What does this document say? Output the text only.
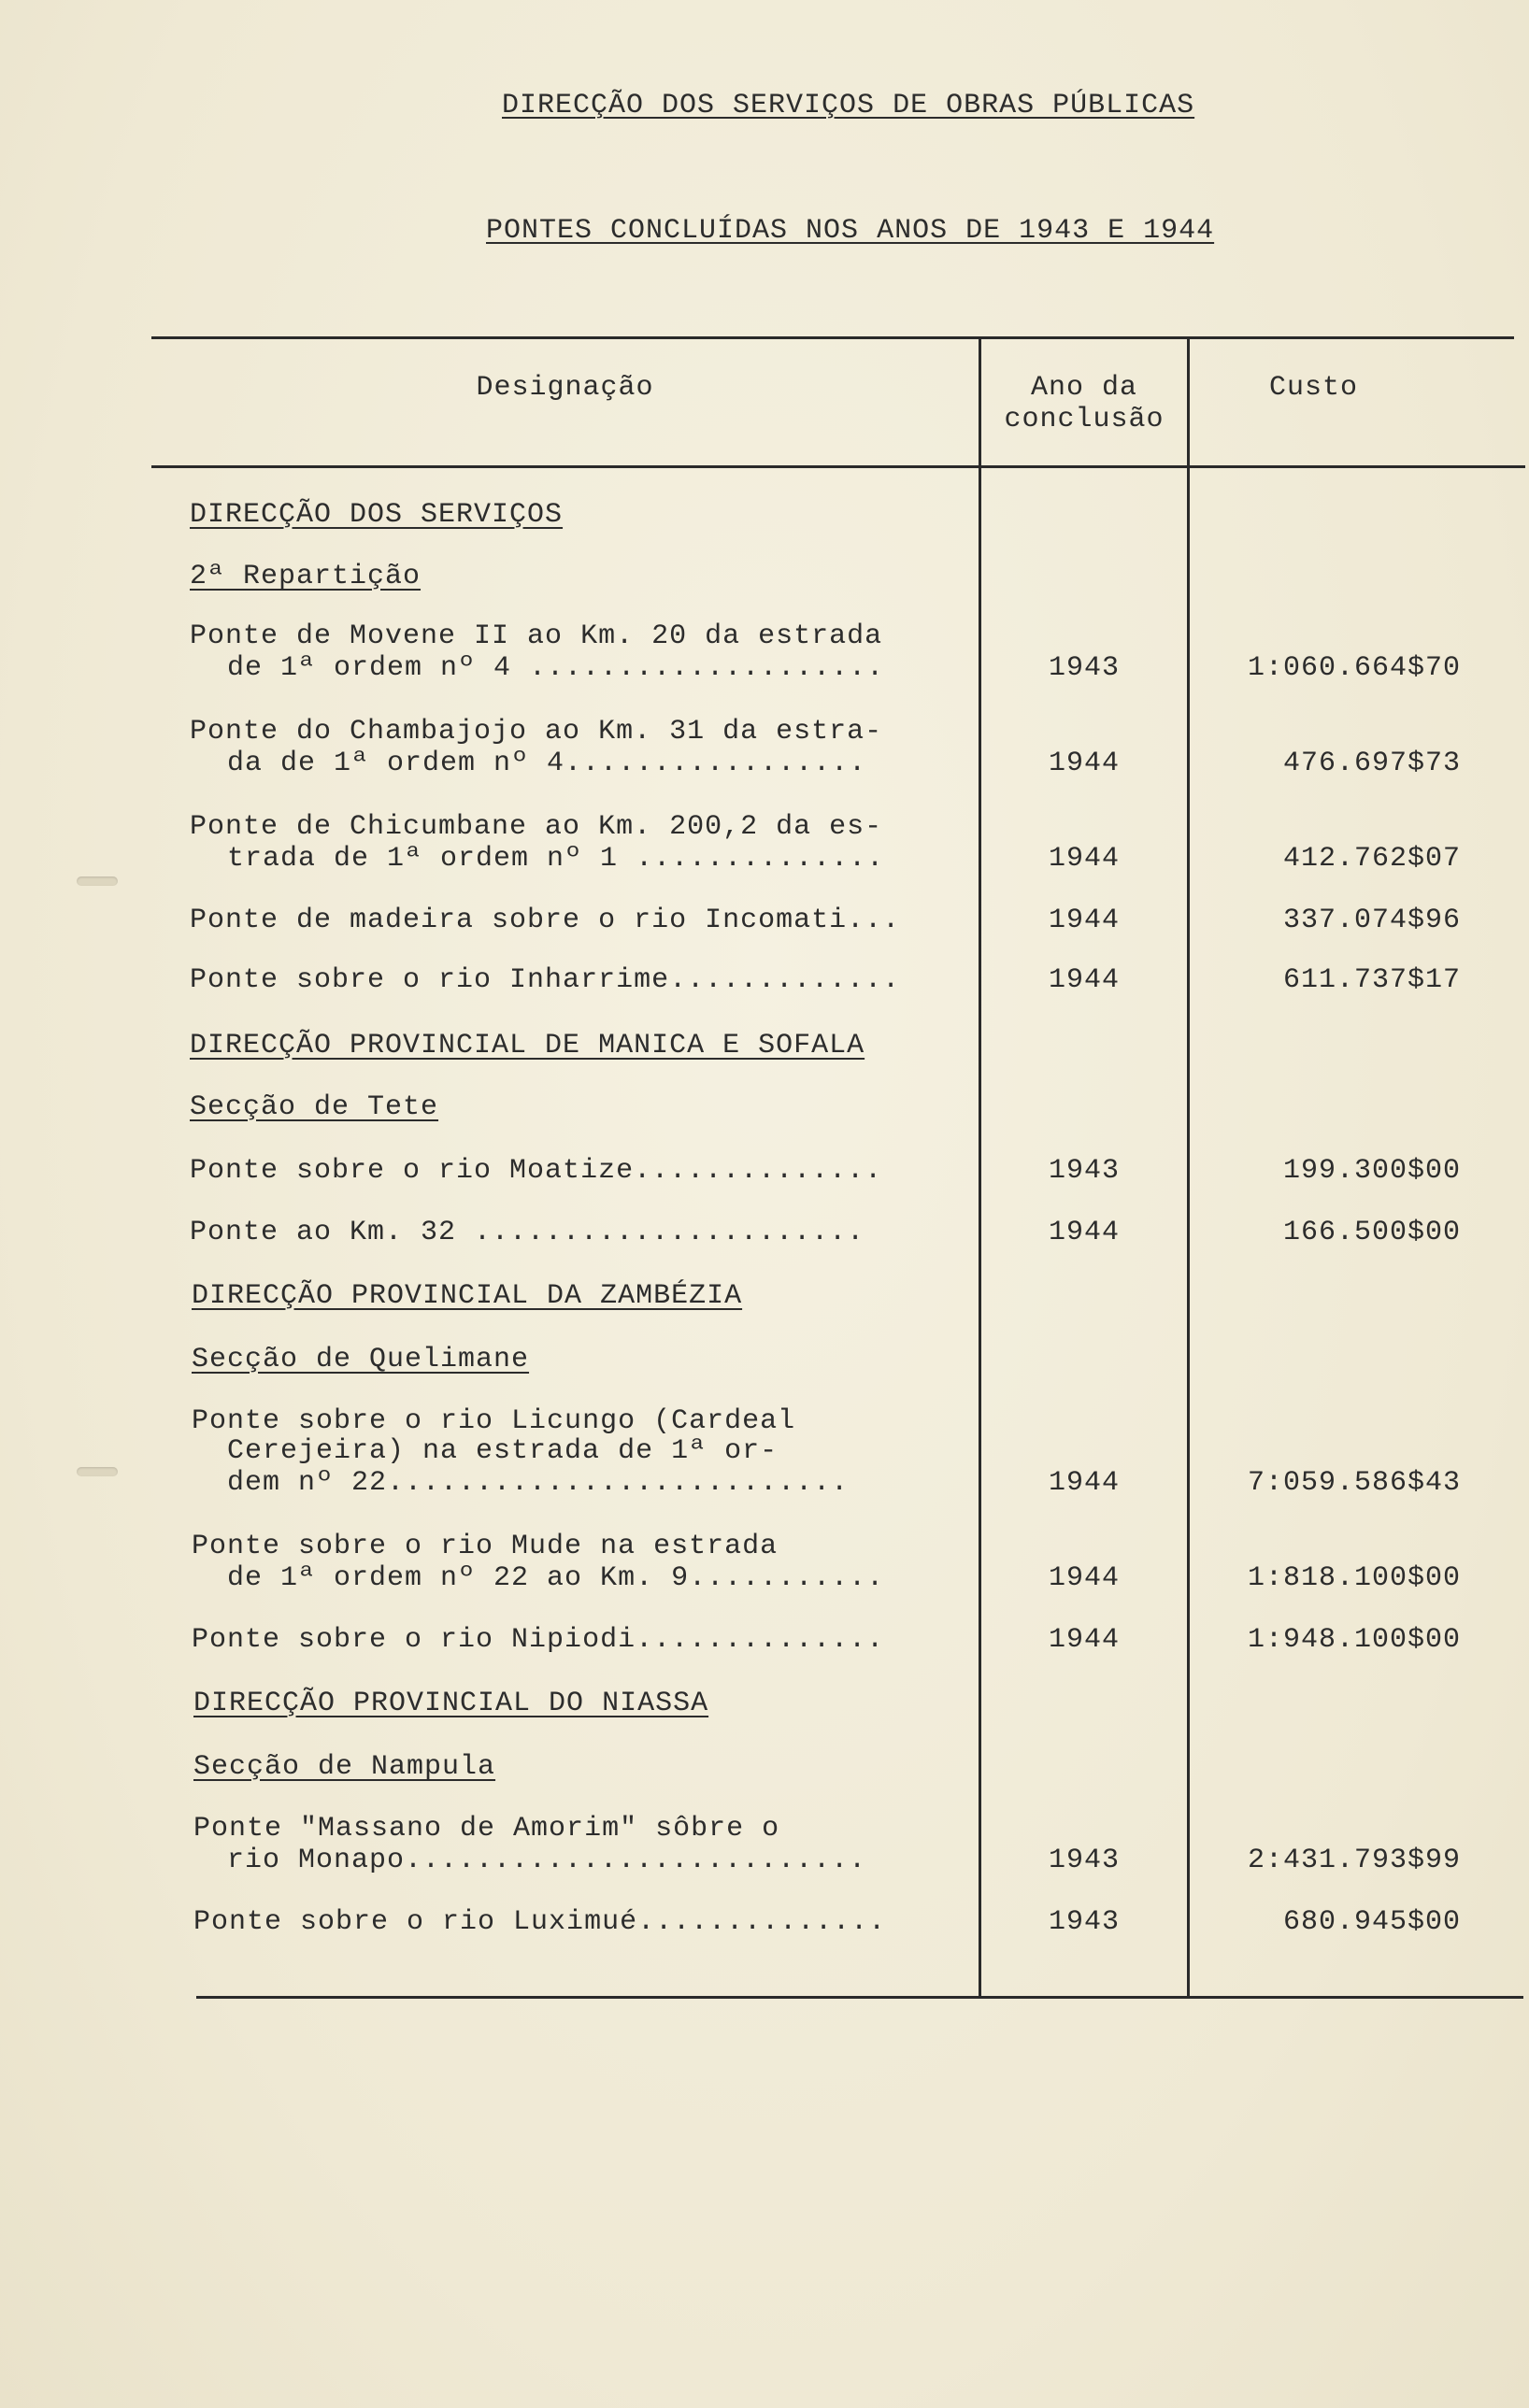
DIRECÇÃO DOS SERVIÇOS DE OBRAS PÚBLICAS
PONTES CONCLUÍDAS NOS ANOS DE 1943 E 1944
Designação	Ano da
conclusão
Custo
DIRECÇÃO DOS SERVIÇOS
2ª Repartição
Ponte de Movene II ao Km. 20 da estrada
de 1ª ordem nº 4 ....................	1943	1:060.664$70
Ponte do Chambajojo ao Km. 31 da estra-
da de 1ª ordem nº 4.................	1944	476.697$73
Ponte de Chicumbane ao Km. 200,2 da es-
trada de 1ª ordem nº 1 ..............	1944	412.762$07
Ponte de madeira sobre o rio Incomati...	1944	337.074$96
Ponte sobre o rio Inharrime.............	1944	611.737$17
DIRECÇÃO PROVINCIAL DE MANICA E SOFALA
Secção de Tete
Ponte sobre o rio Moatize..............	1943	199.300$00
Ponte ao Km. 32 ......................	1944	166.500$00
DIRECÇÃO PROVINCIAL DA ZAMBÉZIA
Secção de Quelimane
Ponte sobre o rio Licungo (Cardeal
Cerejeira) na estrada de 1ª or-
dem nº 22..........................	1944	7:059.586$43
Ponte sobre o rio Mude na estrada
de 1ª ordem nº 22 ao Km. 9...........	1944	1:818.100$00
Ponte sobre o rio Nipiodi..............	1944	1:948.100$00
DIRECÇÃO PROVINCIAL DO NIASSA
Secção de Nampula
Ponte "Massano de Amorim" sôbre o
rio Monapo..........................	1943	2:431.793$99
Ponte sobre o rio Luximué..............	1943	680.945$00
